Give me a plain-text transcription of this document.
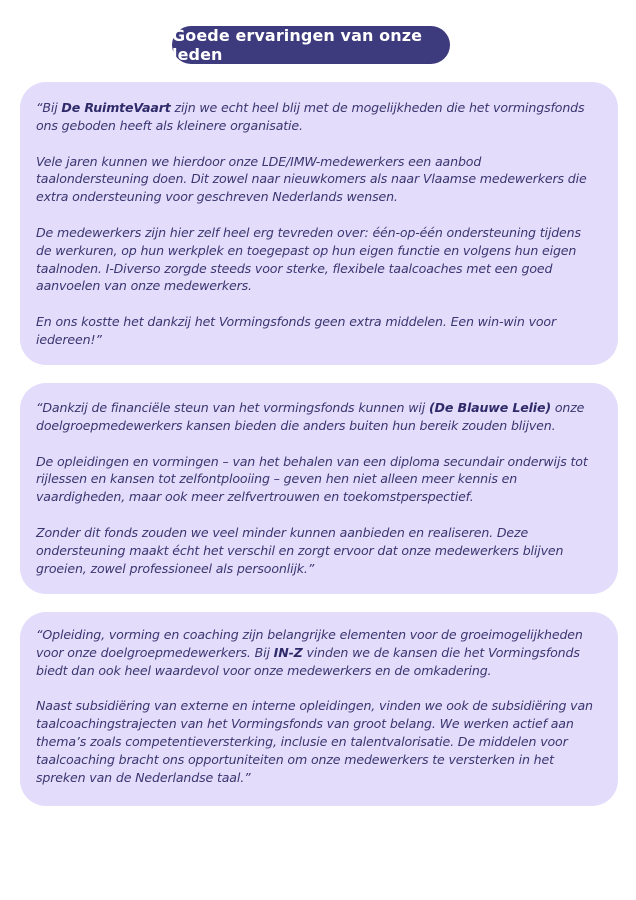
Goede ervaringen van onze leden

“Bij De RuimteVaart zijn we echt heel blij met de mogelijkheden die het vormingsfonds ons geboden heeft als kleinere organisatie.

Vele jaren kunnen we hierdoor onze LDE/IMW-medewerkers een aanbod taalondersteuning doen. Dit zowel naar nieuwkomers als naar Vlaamse medewerkers die extra ondersteuning voor geschreven Nederlands wensen.

De medewerkers zijn hier zelf heel erg tevreden over: één-op-één ondersteuning tijdens de werkuren, op hun werkplek en toegepast op hun eigen functie en volgens hun eigen taalnoden. I-Diverso zorgde steeds voor sterke, flexibele taalcoaches met een goed aanvoelen van onze medewerkers.

En ons kostte het dankzij het Vormingsfonds geen extra middelen. Een win-win voor iedereen!”

“Dankzij de financiële steun van het vormingsfonds kunnen wij (De Blauwe Lelie) onze doelgroepmedewerkers kansen bieden die anders buiten hun bereik zouden blijven.

De opleidingen en vormingen – van het behalen van een diploma secundair onderwijs tot rijlessen en kansen tot zelfontplooiing – geven hen niet alleen meer kennis en vaardigheden, maar ook meer zelfvertrouwen en toekomstperspectief.

Zonder dit fonds zouden we veel minder kunnen aanbieden en realiseren. Deze ondersteuning maakt écht het verschil en zorgt ervoor dat onze medewerkers blijven groeien, zowel professioneel als persoonlijk.”

“Opleiding, vorming en coaching zijn belangrijke elementen voor de groeimogelijkheden voor onze doelgroepmedewerkers. Bij IN-Z vinden we de kansen die het Vormingsfonds biedt dan ook heel waardevol voor onze medewerkers en de omkadering.

Naast subsidiëring van externe en interne opleidingen, vinden we ook de subsidiëring van taalcoachingstrajecten van het Vormingsfonds van groot belang. We werken actief aan thema’s zoals competentieversterking, inclusie en talentvalorisatie. De middelen voor taalcoaching bracht ons opportuniteiten om onze medewerkers te versterken in het spreken van de Nederlandse taal.”
